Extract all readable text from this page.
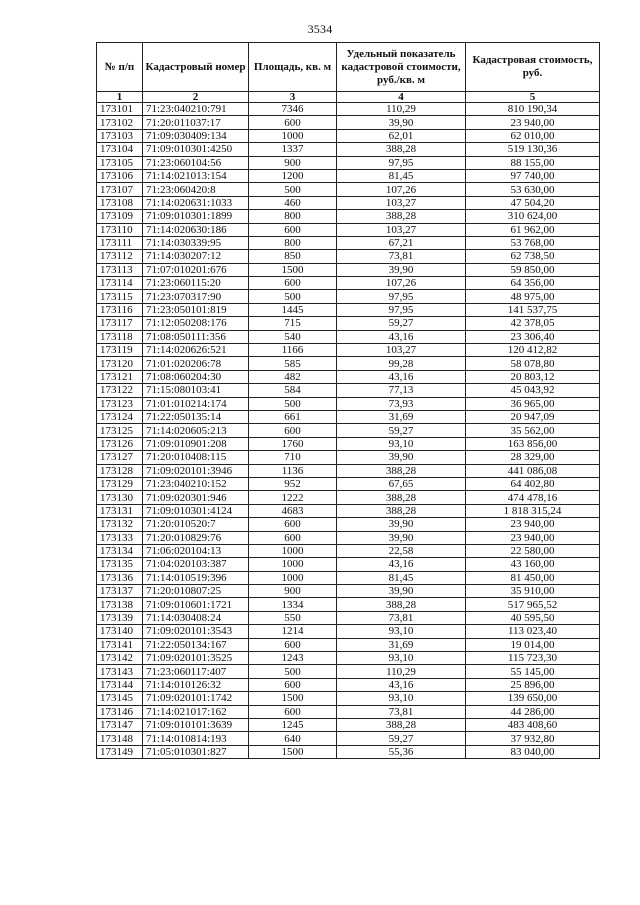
3534
№ п/п	Кадастровый номер	Площадь, кв. м	Удельный показатель кадастровой стоимости, руб./кв. м	Кадастровая стоимость, руб.
1	2	3	4	5
173101	71:23:040210:791	7346	110,29	810 190,34
173102	71:20:011037:17	600	39,90	23 940,00
173103	71:09:030409:134	1000	62,01	62 010,00
173104	71:09:010301:4250	1337	388,28	519 130,36
173105	71:23:060104:56	900	97,95	88 155,00
173106	71:14:021013:154	1200	81,45	97 740,00
173107	71:23:060420:8	500	107,26	53 630,00
173108	71:14:020631:1033	460	103,27	47 504,20
173109	71:09:010301:1899	800	388,28	310 624,00
173110	71:14:020630:186	600	103,27	61 962,00
173111	71:14:030339:95	800	67,21	53 768,00
173112	71:14:030207:12	850	73,81	62 738,50
173113	71:07:010201:676	1500	39,90	59 850,00
173114	71:23:060115:20	600	107,26	64 356,00
173115	71:23:070317:90	500	97,95	48 975,00
173116	71:23:050101:819	1445	97,95	141 537,75
173117	71:12:050208:176	715	59,27	42 378,05
173118	71:08:050111:356	540	43,16	23 306,40
173119	71:14:020626:521	1166	103,27	120 412,82
173120	71:01:020206:78	585	99,28	58 078,80
173121	71:08:060204:30	482	43,16	20 803,12
173122	71:15:080103:41	584	77,13	45 043,92
173123	71:01:010214:174	500	73,93	36 965,00
173124	71:22:050135:14	661	31,69	20 947,09
173125	71:14:020605:213	600	59,27	35 562,00
173126	71:09:010901:208	1760	93,10	163 856,00
173127	71:20:010408:115	710	39,90	28 329,00
173128	71:09:020101:3946	1136	388,28	441 086,08
173129	71:23:040210:152	952	67,65	64 402,80
173130	71:09:020301:946	1222	388,28	474 478,16
173131	71:09:010301:4124	4683	388,28	1 818 315,24
173132	71:20:010520:7	600	39,90	23 940,00
173133	71:20:010829:76	600	39,90	23 940,00
173134	71:06:020104:13	1000	22,58	22 580,00
173135	71:04:020103:387	1000	43,16	43 160,00
173136	71:14:010519:396	1000	81,45	81 450,00
173137	71:20:010807:25	900	39,90	35 910,00
173138	71:09:010601:1721	1334	388,28	517 965,52
173139	71:14:030408:24	550	73,81	40 595,50
173140	71:09:020101:3543	1214	93,10	113 023,40
173141	71:22:050134:167	600	31,69	19 014,00
173142	71:09:020101:3525	1243	93,10	115 723,30
173143	71:23:060117:407	500	110,29	55 145,00
173144	71:14:010126:32	600	43,16	25 896,00
173145	71:09:020101:1742	1500	93,10	139 650,00
173146	71:14:021017:162	600	73,81	44 286,00
173147	71:09:010101:3639	1245	388,28	483 408,60
173148	71:14:010814:193	640	59,27	37 932,80
173149	71:05:010301:827	1500	55,36	83 040,00
